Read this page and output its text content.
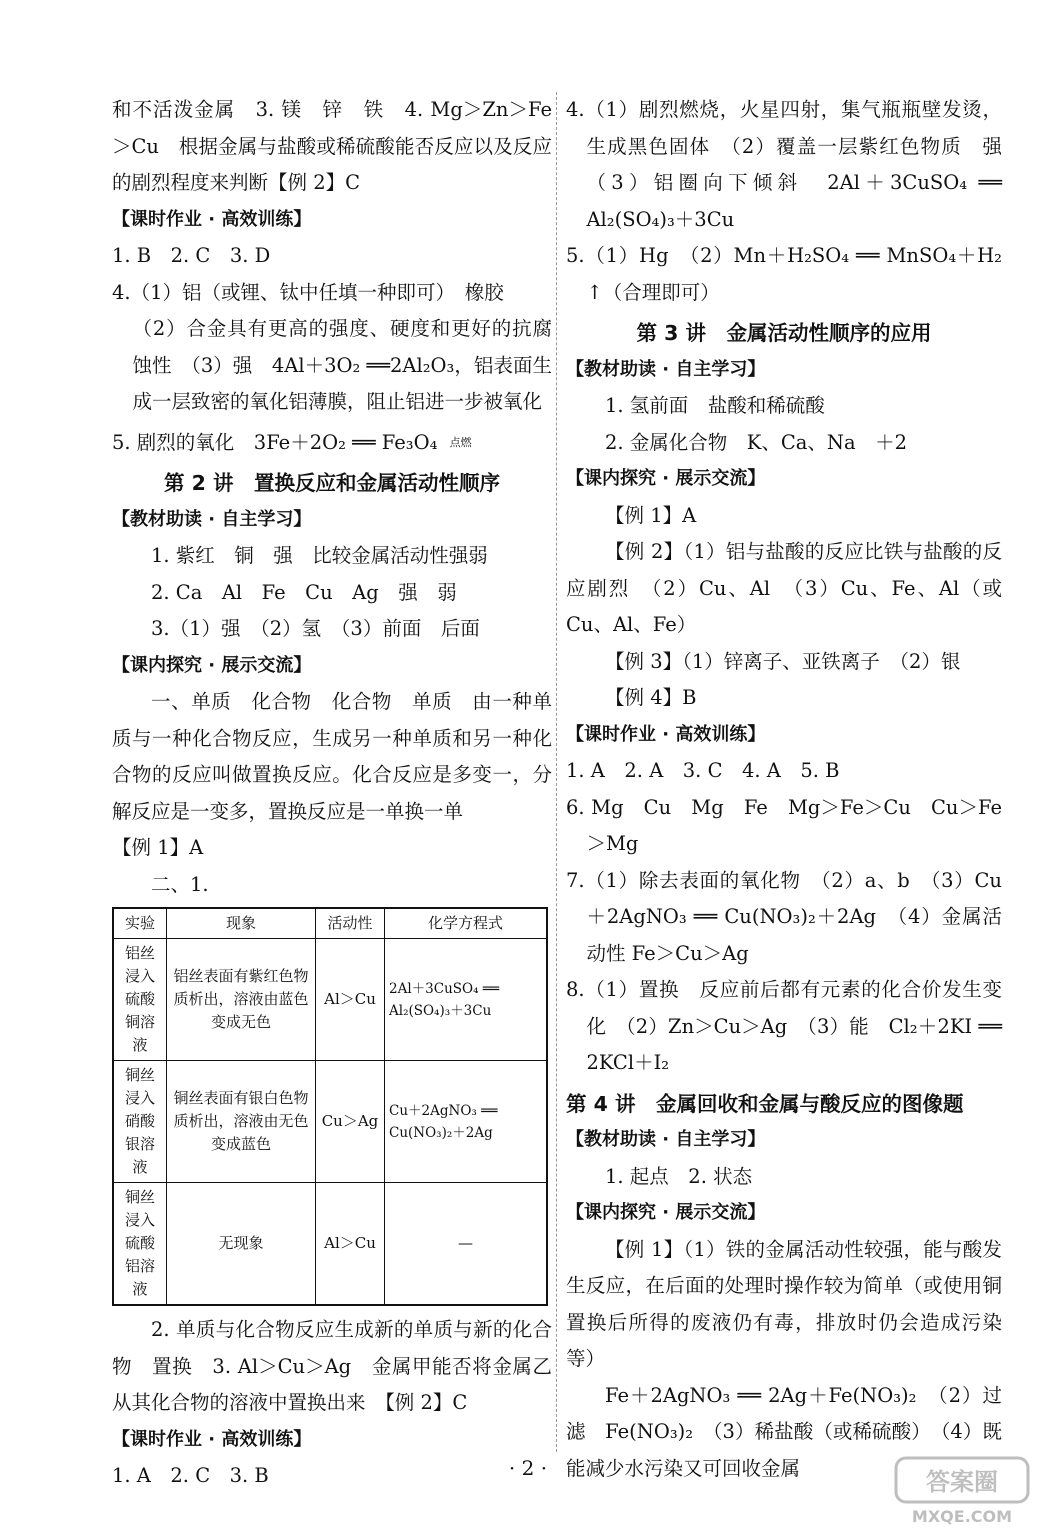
和不活泼金属　3. 镁　锌　铁　4. Mg＞Zn＞Fe＞Cu　根据金属与盐酸或稀硫酸能否反应以及反应的剧烈程度来判断【例 2】C

【课时作业 · 高效训练】

1. B　2. C　3. D

4.（1）铝（或锂、钛中任填一种即可）　橡胶

（2）合金具有更高的强度、硬度和更好的抗腐蚀性　（3）强　4Al＋3O₂ ══2Al₂O₃，铝表面生成一层致密的氧化铝薄膜，阻止铝进一步被氧化

5. 剧烈的氧化　3Fe＋2O₂ ══ Fe₃O₄ $^{点燃}$

第 2 讲　置换反应和金属活动性顺序

【教材助读 · 自主学习】

1. 紫红　铜　强　比较金属活动性强弱

2. Ca　Al　Fe　Cu　Ag　强　弱

3.（1）强　（2）氢　（3）前面　后面

【课内探究 · 展示交流】

一、单质　化合物　化合物　单质　由一种单质与一种化合物反应，生成另一种单质和另一种化合物的反应叫做置换反应。化合反应是多变一，分解反应是一变多，置换反应是一单换一单

【例 1】A

二、1.

实验	现象	活动性	化学方程式
铝丝浸入硫酸铜溶液	铝丝表面有紫红色物质析出，溶液由蓝色变成无色	Al＞Cu	2Al＋3CuSO₄ ══ Al₂(SO₄)₃＋3Cu
铜丝浸入硝酸银溶液	铜丝表面有银白色物质析出，溶液由无色变成蓝色	Cu＞Ag	Cu＋2AgNO₃ ══ Cu(NO₃)₂＋2Ag
铜丝浸入硫酸铝溶液	无现象	Al＞Cu	—

2. 单质与化合物反应生成新的单质与新的化合物　置换　3. Al＞Cu＞Ag　金属甲能否将金属乙从其化合物的溶液中置换出来　【例 2】C

【课时作业 · 高效训练】

1. A　2. C　3. B

4.（1）剧烈燃烧，火星四射，集气瓶瓶壁发烫，生成黑色固体　（2）覆盖一层紫红色物质　强　（3）铝圈向下倾斜　2Al＋3CuSO₄ ══ Al₂(SO₄)₃＋3Cu

5.（1）Hg　（2）Mn＋H₂SO₄ ══ MnSO₄＋H₂ ↑（合理即可）

第 3 讲　金属活动性顺序的应用

【教材助读 · 自主学习】

1. 氢前面　盐酸和稀硫酸

2. 金属化合物　K、Ca、Na　＋2

【课内探究 · 展示交流】

【例 1】A

【例 2】（1）铝与盐酸的反应比铁与盐酸的反应剧烈　（2）Cu、Al　（3）Cu、Fe、Al（或 Cu、Al、Fe）

【例 3】（1）锌离子、亚铁离子　（2）银

【例 4】B

【课时作业 · 高效训练】

1. A　2. A　3. C　4. A　5. B

6. Mg　Cu　Mg　Fe　Mg＞Fe＞Cu　Cu＞Fe＞Mg

7.（1）除去表面的氧化物　（2）a、b　（3）Cu＋2AgNO₃ ══ Cu(NO₃)₂＋2Ag　（4）金属活动性 Fe＞Cu＞Ag

8.（1）置换　反应前后都有元素的化合价发生变化　（2）Zn＞Cu＞Ag　（3）能　Cl₂＋2KI ══ 2KCl＋I₂

第 4 讲　金属回收和金属与酸反应的图像题

【教材助读 · 自主学习】

1. 起点　2. 状态

【课内探究 · 展示交流】

【例 1】（1）铁的金属活动性较强，能与酸发生反应，在后面的处理时操作较为简单（或使用铜置换后所得的废液仍有毒，排放时仍会造成污染等）

Fe＋2AgNO₃ ══ 2Ag＋Fe(NO₃)₂　（2）过滤　Fe(NO₃)₂　（3）稀盐酸（或稀硫酸）　（4）既能减少水污染又可回收金属

· 2 ·	答案圈
MXQE.COM
